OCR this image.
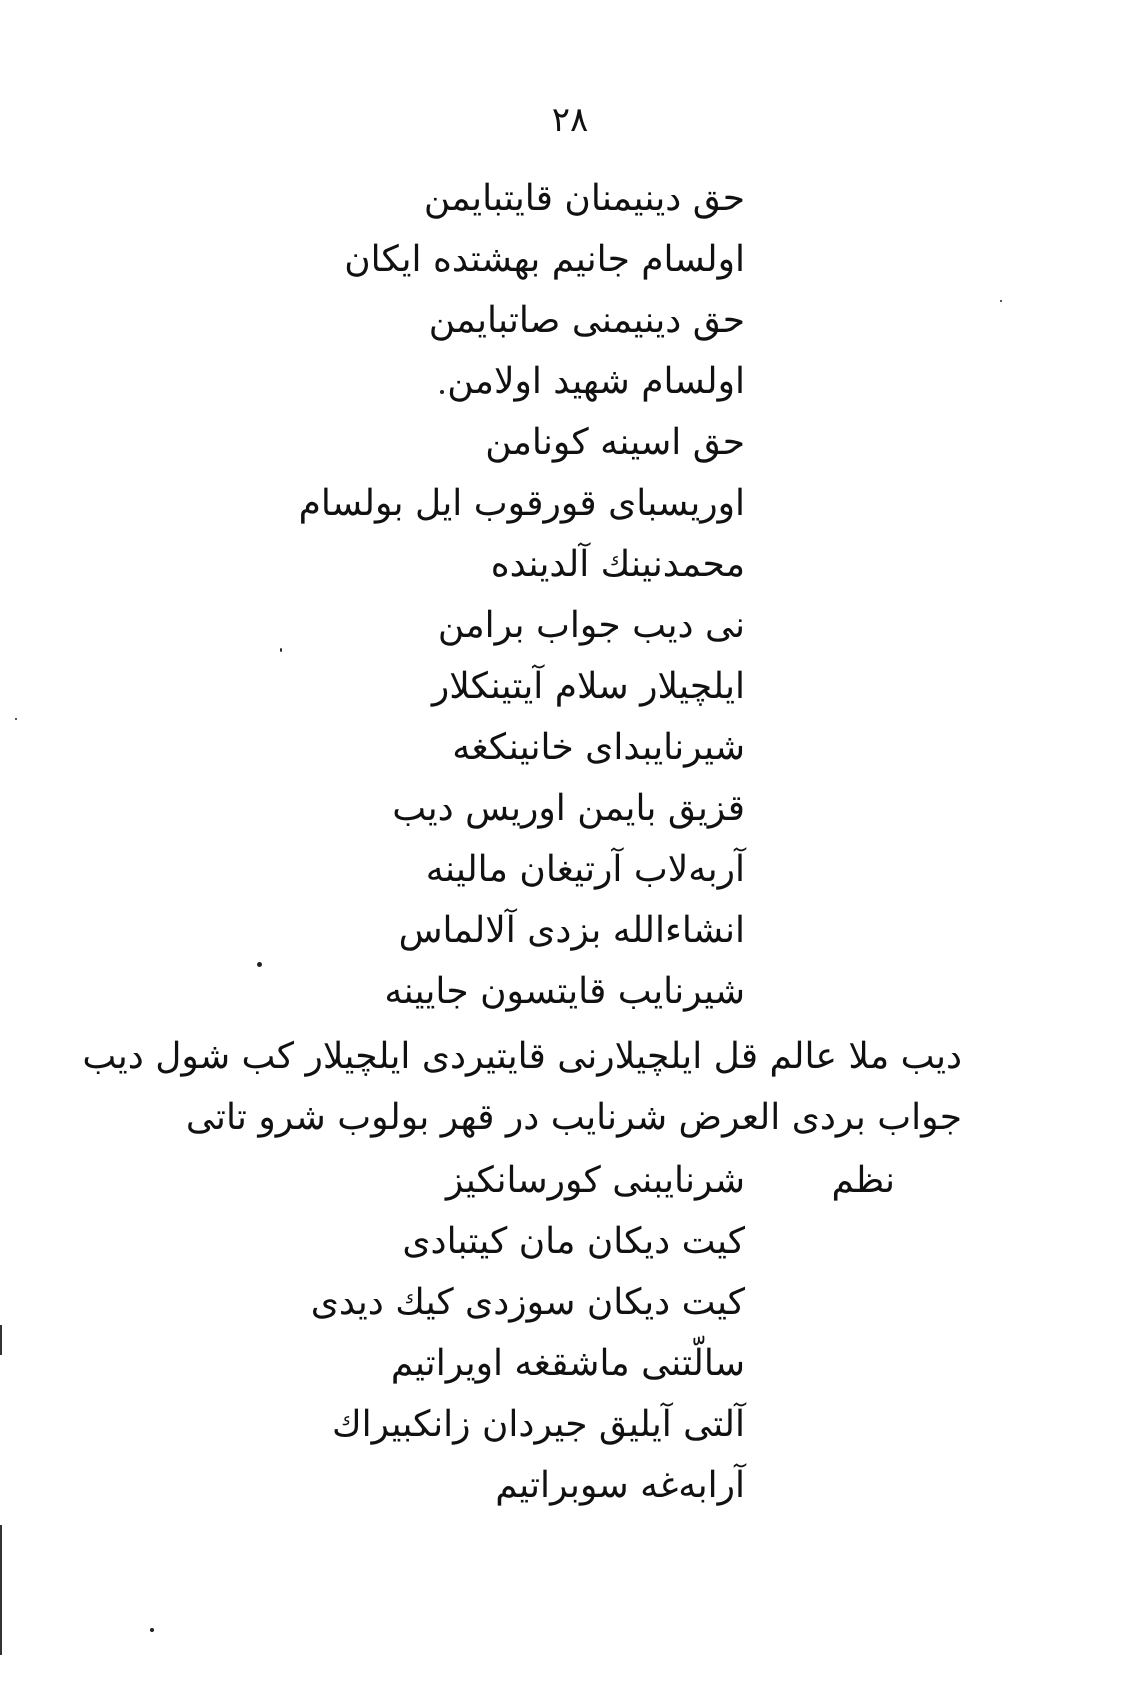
۲۸
حق دینیمنان قایتبایمن
اولسام جانیم بهشتده ایکان
حق دینیمنی صاتبایمن
اولسام شهید اولامن
حق اسینه کونامن
اوریسبای قورقوب ایل بولسام
محمدنینك آلدینده
نی دیب جواب برامن
ایلچیلار سلام آیتینکلار
شیرنایبدای خانینکغه
قزیق بایمن اوریس دیب
آربه‌لاب آرتیغان مالینه
انشاءالله بزدی آلالماس
شیرنایب قایتسون جایینه
دیب ملا عالم قل ایلچیلارنی قایتیردی ایلچیلار کب شول دیب
جواب بردی العرض شرنایب در قهر بولوب شرو تاتی
نظم
شرنایبنی کورسانکیز
کیت دیکان مان کیتبادی
کیت دیکان سوزدی کیك دیدی
سالّتنی ماشقغه اویراتیم
آلتی آیلیق جیردان زانکبیراك
آرابه‌غه سوبراتیم
